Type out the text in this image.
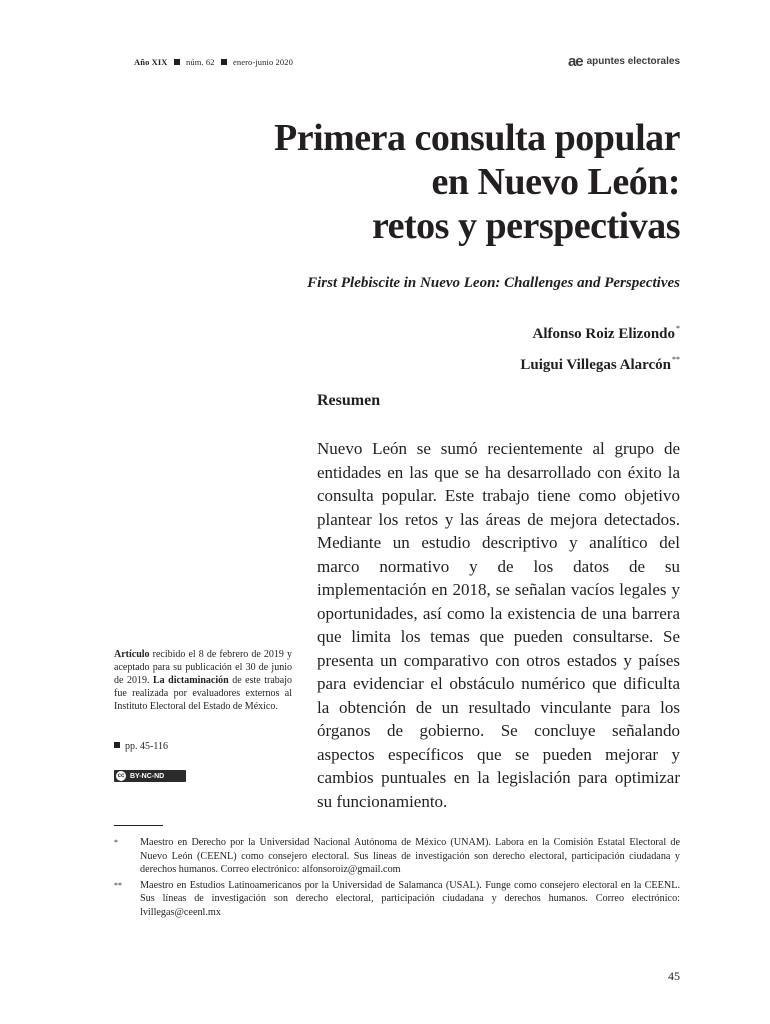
Año XIX núm. 62 enero-junio 2020	ae apuntes electorales
Primera consulta popular
en Nuevo León:
retos y perspectivas

First Plebiscite in Nuevo Leon: Challenges and Perspectives

Alfonso Roiz Elizondo*
Luigui Villegas Alarcón**
Resumen

Nuevo León se sumó recientemente al grupo de entidades en las que se ha desarrollado con éxito la consulta popular. Este trabajo tiene como objetivo plantear los retos y las áreas de mejora detectados. Mediante un estudio descriptivo y analítico del marco normativo y de los datos de su implementación en 2018, se señalan vacíos legales y oportunidades, así como la existencia de una barrera que limita los temas que pueden consultarse. Se presenta un comparativo con otros estados y países para evidenciar el obstáculo numérico que dificulta la obtención de un resultado vinculante para los órganos de gobierno. Se concluye señalando aspectos específicos que se pueden mejorar y cambios puntuales en la legislación para optimizar su funcionamiento.

Artículo recibido el 8 de febrero de 2019 y aceptado para su publicación el 30 de junio de 2019. La dictaminación de este trabajo fue realizada por evaluadores externos al Instituto Electoral del Estado de México.
pp. 45-116
cc BY-NC-ND
*	Maestro en Derecho por la Universidad Nacional Autónoma de México (UNAM). Labora en la Comisión Estatal Electoral de Nuevo León (CEENL) como consejero electoral. Sus líneas de investigación son derecho electoral, participación ciudadana y derechos humanos. Correo electrónico: alfonsoroiz@gmail.com
**	Maestro en Estudios Latinoamericanos por la Universidad de Salamanca (USAL). Funge como consejero electoral en la CEENL. Sus líneas de investigación son derecho electoral, participación ciudadana y derechos humanos. Correo electrónico: lvillegas@ceenl.mx
45
